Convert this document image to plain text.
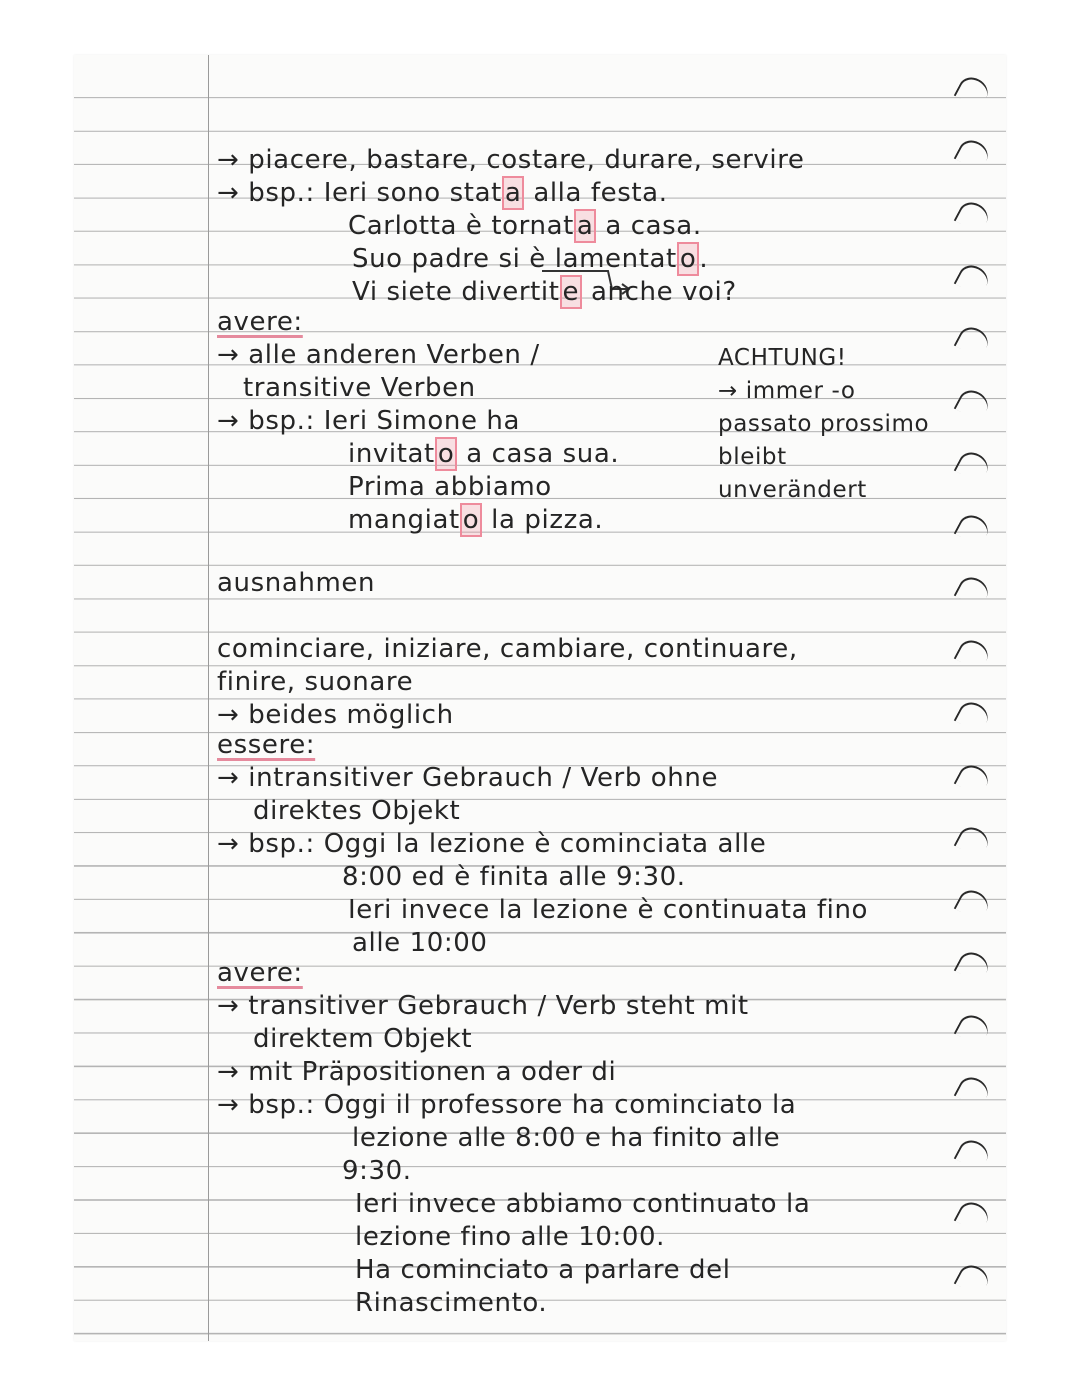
→ piacere, bastare, costare, durare, servire
→ bsp.: Ieri sono stat a alla festa.
Carlotta è tornat a a casa.
Suo padre si è lamentat o .
Vi siete divertit e anche voi?
avere:
→ alle anderen Verben /
transitive Verben
→ bsp.: Ieri Simone ha
invitat o a casa sua.
Prima abbiamo
mangiat o la pizza.
ACHTUNG!
→ immer -o
passato prossimo
bleibt
unverändert
ausnahmen
cominciare, iniziare, cambiare, continuare,
finire, suonare
→ beides möglich
essere:
→ intransitiver Gebrauch / Verb ohne
direktes Objekt
→ bsp.: Oggi la lezione è cominciata alle
8:00 ed è finita alle 9:30.
Ieri invece la lezione è continuata fino
alle 10:00
avere:
→ transitiver Gebrauch / Verb steht mit
direktem Objekt
→ mit Präpositionen a oder di
→ bsp.: Oggi il professore ha cominciato la
lezione alle 8:00 e ha finito alle
9:30.
Ieri invece abbiamo continuato la
lezione fino alle 10:00.
Ha cominciato a parlare del
Rinascimento.
